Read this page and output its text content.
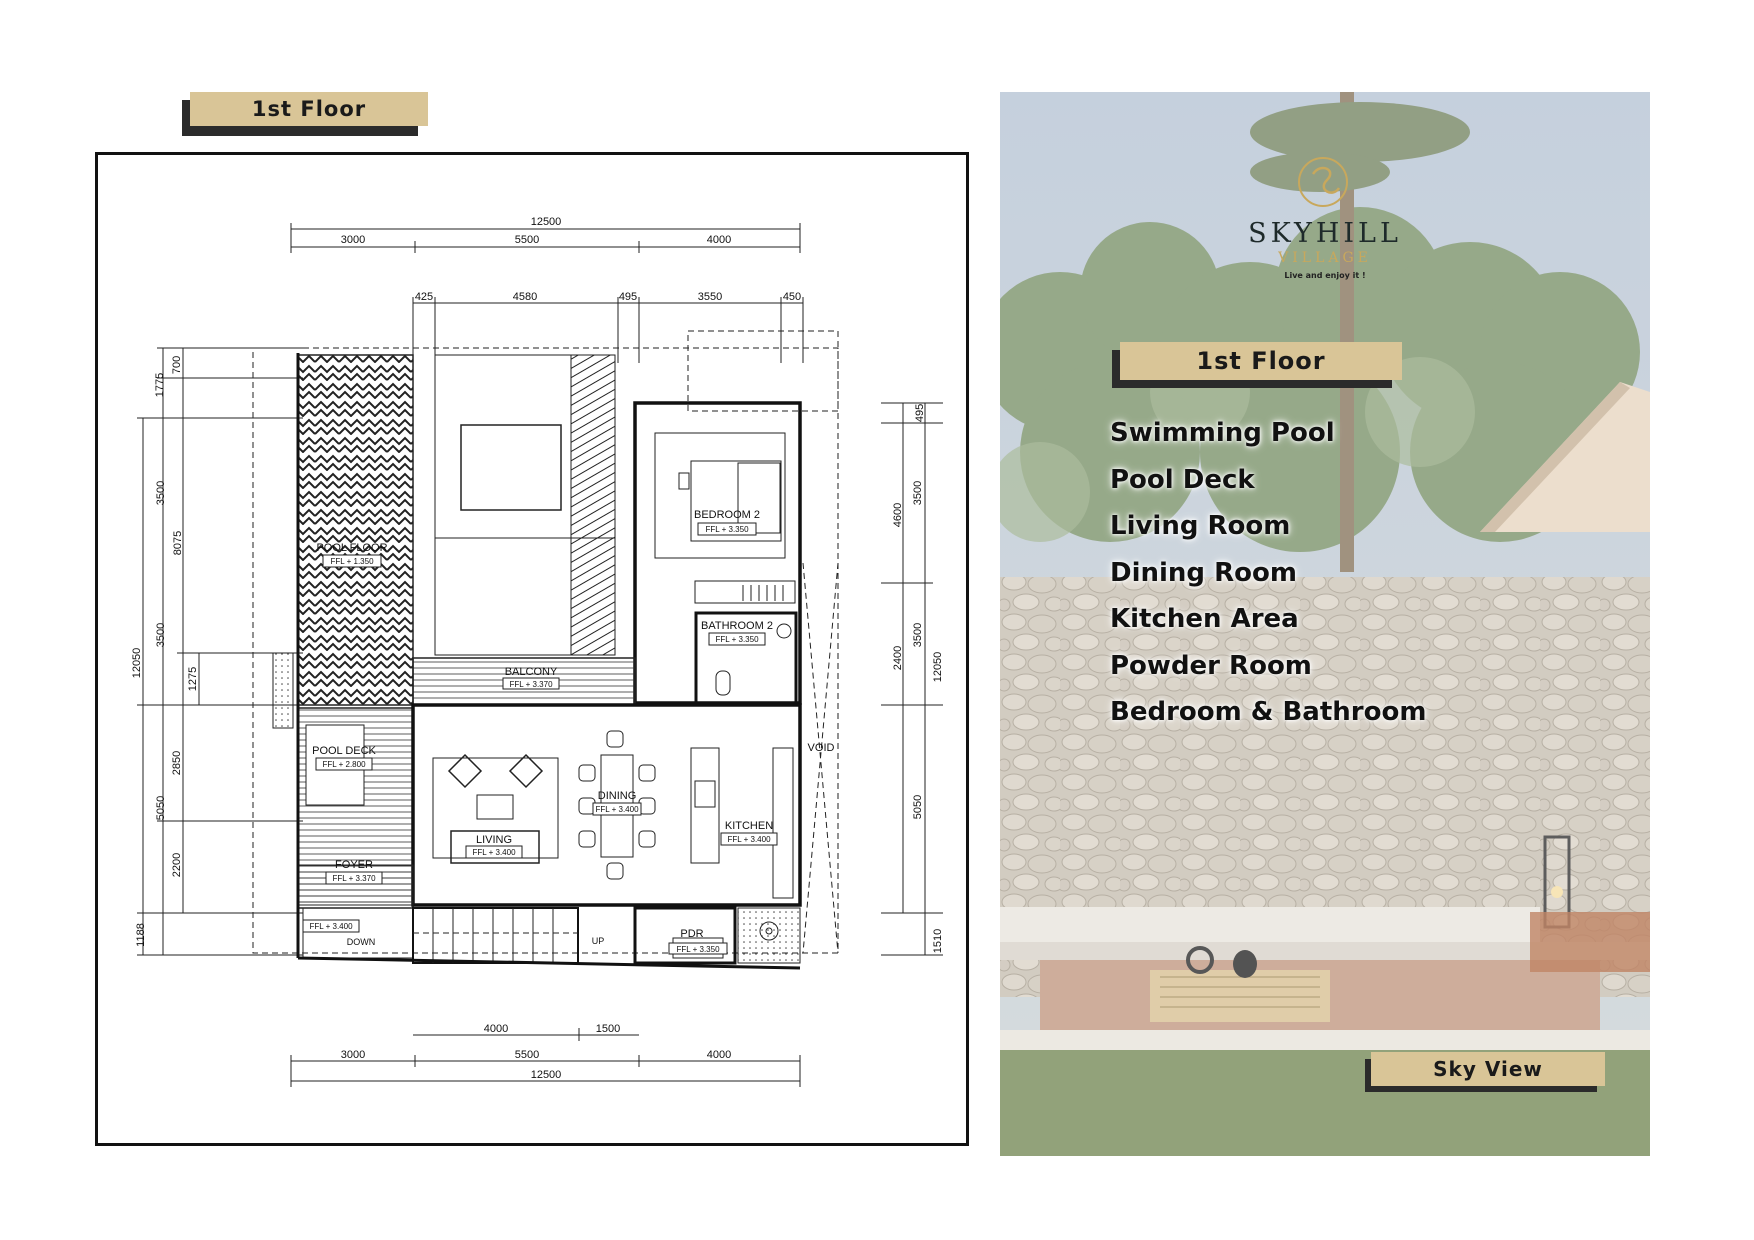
1st Floor
12500
3000	5500	4000
425	4580	495	3550	450
4000	1500
3000	5500	4000
12500
700
1775
3500
8075
3500
1275
12050
2850
5050
2200
1188
495
3500
4600
3500
2400	12050
5050
1510
POOL FLOOR
FFL + 1.350
BEDROOM 2
FFL + 3.350
BATHROOM 2
FFL + 3.350
BALCONY
FFL + 3.370
POOL DECK
FFL + 2.800
LIVING
FFL + 3.400
DINING
FFL + 3.400
KITCHEN
FFL + 3.400
VOID
FOYER
FFL + 3.370
FFL + 3.400
DOWN	UP
PDR
FFL + 3.350
SKYHILL
VILLAGE
Live and enjoy it !
1st Floor
Swimming Pool
Pool Deck
Living Room
Dining Room
Kitchen Area
Powder Room
Bedroom & Bathroom
Sky View
